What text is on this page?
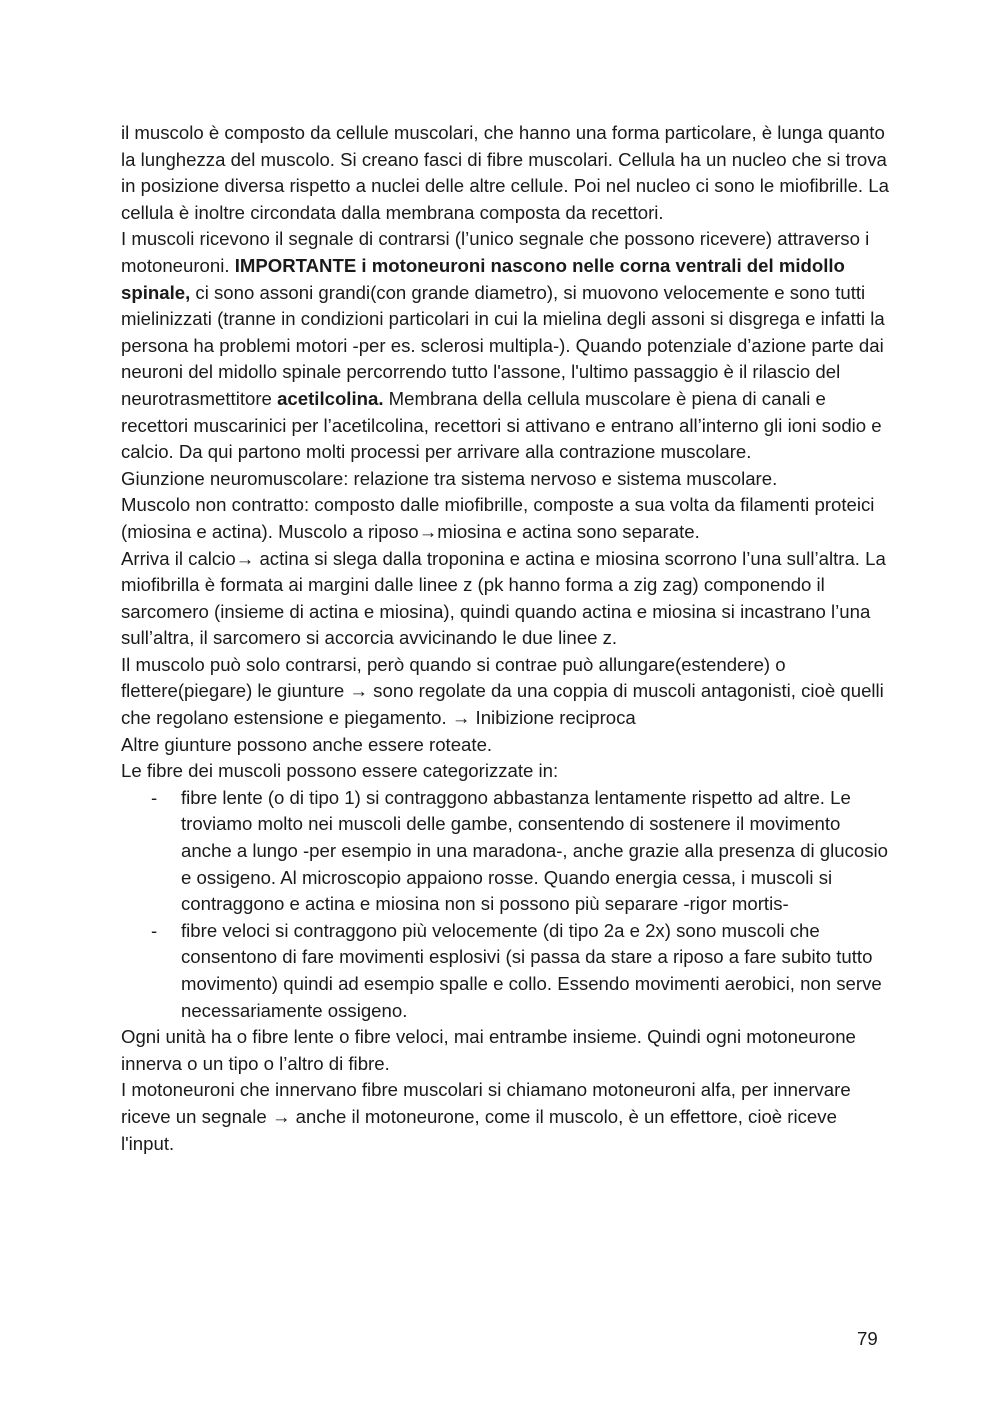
il muscolo è composto da cellule muscolari, che hanno una forma particolare, è lunga quanto la lunghezza del muscolo. Si creano fasci di fibre muscolari. Cellula ha un nucleo che si trova in posizione diversa rispetto a nuclei delle altre cellule. Poi nel nucleo ci sono le miofibrille. La cellula è inoltre circondata dalla membrana composta da recettori.

I muscoli ricevono il segnale di contrarsi (l’unico segnale che possono ricevere) attraverso i motoneuroni. IMPORTANTE i motoneuroni nascono nelle corna ventrali del midollo spinale, ci sono assoni grandi(con grande diametro), si muovono velocemente e sono tutti mielinizzati (tranne in condizioni particolari in cui la mielina degli assoni si disgrega e infatti la persona ha problemi motori -per es. sclerosi multipla-). Quando potenziale d’azione parte dai neuroni del midollo spinale percorrendo tutto l'assone, l'ultimo passaggio è il rilascio del neurotrasmettitore acetilcolina. Membrana della cellula muscolare è piena di canali e recettori muscarinici per l’acetilcolina, recettori si attivano e entrano all’interno gli ioni sodio e calcio. Da qui partono molti processi per arrivare alla contrazione muscolare.

Giunzione neuromuscolare: relazione tra sistema nervoso e sistema muscolare.

Muscolo non contratto: composto dalle miofibrille, composte a sua volta da filamenti proteici (miosina e actina). Muscolo a riposo→miosina e actina sono separate.

Arriva il calcio→ actina si slega dalla troponina e actina e miosina scorrono l’una sull’altra. La miofibrilla è formata ai margini dalle linee z (pk hanno forma a zig zag) componendo il sarcomero (insieme di actina e miosina), quindi quando actina e miosina si incastrano l’una sull’altra, il sarcomero si accorcia avvicinando le due linee z.

Il muscolo può solo contrarsi, però quando si contrae può allungare(estendere) o flettere(piegare) le giunture → sono regolate da una coppia di muscoli antagonisti, cioè quelli che regolano estensione e piegamento. → Inibizione reciproca

Altre giunture possono anche essere roteate.

Le fibre dei muscoli possono essere categorizzate in:

- fibre lente (o di tipo 1) si contraggono abbastanza lentamente rispetto ad altre. Le troviamo molto nei muscoli delle gambe, consentendo di sostenere il movimento anche a lungo -per esempio in una maradona-, anche grazie alla presenza di glucosio e ossigeno. Al microscopio appaiono rosse. Quando energia cessa, i muscoli si contraggono e actina e miosina non si possono più separare -rigor mortis-
- fibre veloci si contraggono più velocemente (di tipo 2a e 2x) sono muscoli che consentono di fare movimenti esplosivi (si passa da stare a riposo a fare subito tutto movimento) quindi ad esempio spalle e collo. Essendo movimenti aerobici, non serve necessariamente ossigeno.

Ogni unità ha o fibre lente o fibre veloci, mai entrambe insieme. Quindi ogni motoneurone innerva o un tipo o l’altro di fibre.

I motoneuroni che innervano fibre muscolari si chiamano motoneuroni alfa, per innervare riceve un segnale → anche il motoneurone, come il muscolo, è un effettore, cioè riceve l'input.

79
